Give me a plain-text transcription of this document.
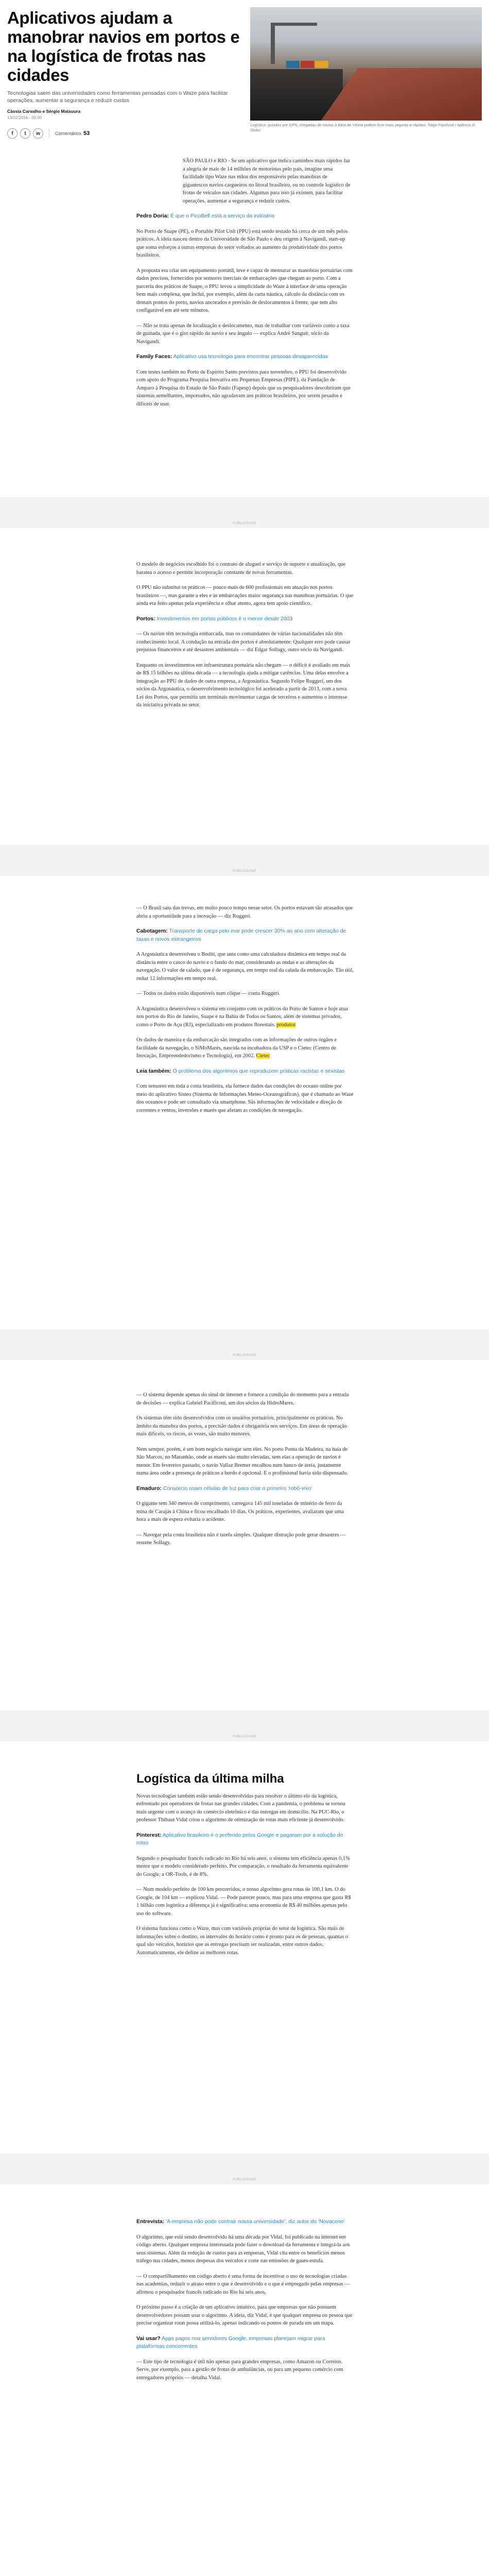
Aplicativos ajudam a manobrar navios em portos e na logística de frotas nas cidades

Tecnologias saem das universidades como ferramentas pensadas com o Waze para facilitar operações, aumentar a segurança e reduzir custos

Cássia Carvalho e Sérgio Matsuura

13/02/2016 - 05:00

f	t	w	Comentários 53

Logística: guiados por GPS, chegadas de navios à Baía de Vitória podem ficar mais seguras e rápidas. Tiago Paschoal / Agência O Globo

SÃO PAULO e RIO - Se um aplicativo que indica caminhos mais rápidos faz a alegria de mais de 14 milhões de motoristas pelo país, imagine uma facilidade tipo Waze nas mãos dos responsáveis pelas manobras de gigantescos navios cargueiros no litoral brasileiro, ou no controle logístico de frotas de veículos nas cidades. Algumas para isso já existem, para facilitar operações, aumentar a segurança e reduzir custos.

Pedro Doria: É que o PicoBell está a serviço da indústria

No Porto de Suape (PE), o Portable Pilot Unit (PPU) está sendo testado há cerca de um mês pelos práticos. A ideia nasceu dentro da Universidade de São Paulo e deu origem à Navigandi, start-up que soma esforços a outras empresas do setor voltados ao aumento da produtividade dos portos brasileiros.

A proposta era criar um equipamento portátil, leve e capaz de mensurar as manobras portuárias com dados precisos, fornecidos por sensores inerciais de embarcações que chegam ao porto. Com a parceria dos práticos de Suape, o PPU levou a simplicidade do Waze à interface de uma operação bem mais complexa, que inclui, por exemplo, além da carta náutica, cálculo da distância com os demais pontos do porto, navios ancorados e previsão de deslocamentos à frente, que tem alto configurável em até sete minutos.

— Não se trata apenas de localização e deslocamento, mas de trabalhar com variáveis como a taxa de guinada, que é o giro rápido do navio e seu ângulo — explica André Sanguir, sócio da Navigandi.

Family Faces: Aplicativo usa tecnologia para encontrar pessoas desaparecidas

Com testes também no Porto de Espírito Santo previstos para novembro, o PPU foi desenvolvido com apoio do Programa Pesquisa Inovativa em Pequenas Empresas (PIPE), da Fundação de Amparo à Pesquisa do Estado de São Paulo (Fapesp) depois que os pesquisadores descobriram que sistemas semelhantes, importados, não agradavam aos práticos brasileiros, por serem pesados e difíceis de usar.

PUBLICIDADE

O modelo de negócios escolhido foi o contrato de aluguel e serviço de suporte e atualização, que baratea o acesso e permite incorporação constante de novas ferramentas.

O PPU não substitui os práticos — pouco mais de 600 profissionais em atuação nos portos brasileiros —, mas garante a eles e às embarcações maior segurança nas manobras portuárias. O que ainda era feito apenas pela experiência e olhar atento, agora tem apoio científico.

Portos: Investimentos em portos públicos é o menor desde 2003

— Os navios têm tecnologia embarcada, mas os comandantes de várias nacionalidades não têm conhecimento local. A condução na entrada dos portos é absolutamente. Qualquer erro pode causar prejuízos financeiros e até desastres ambientais — diz Edgar Sollagy, outro sócio da Navigandi.

Enquanto os investimentos em infraestrutura portuária não chegam — o déficit é avaliado em mais de R$ 15 bilhões na última década — a tecnologia ajuda a mitigar carências. Uma delas envolve a integração ao PPU de dados de outra empresa, a Argonáutica. Segundo Felipe Ruggeri, um dos sócios da Argonáutica, o desenvolvimento tecnológico foi acelerado a partir de 2013, com a nova Lei dos Portos, que permitiu um terminais movimentar cargas de terceiros e aumentou o interesse da iniciativa privada no setor.

PUBLICIDADE

— O Brasil saiu das trevas, em muito pouco tempo nesse setor. Os portos estavam tão atrasados que abriu a oportunidade para a inovação — diz Ruggeri.

Cabotagem: Transporte de carga pelo mar pode crescer 30% ao ano com alteração de taxas e novos estrangeiros

A Argonáutica desenvolveu o Boditi, que anta como uma calculadora dinâmica em tempo real da distância entre o casco do navio e o fundo do mar, considerando as ondas e as alterações da navegação. O valor de calado, que é de segurança, em tempo real da calada da embarcação. Tão útil, reduz 12 informações em tempo real.

— Todos os dados estão disponíveis num clique — conta Ruggeri.

A Argonáutica desenvolveu o sistema em conjunto com os práticos do Porto de Santos e hoje atua nos portos do Rio de Janeiro, Suape e na Bahia de Todos os Santos, além de sistemas privados, como o Porto de Açu (RJ), especializado em produtos florestais. produtos

Os dados de maneira e da embarcação são integrados com as informações de outros órgãos e facilidade da navegação, o SiMoMarés, nascida na incubadora da USP e o Cietec (Centro de Inovação, Empreendedorismo e Tecnologia), em 2002. Cietec

Leia também: O problema dos algoritmos que reproduzem práticas racistas e sexistas

Com sensores em toda a costa brasileira, ela fornece dados das condições do oceano online por meio do aplicativo Sisteo (Sistema de Informações Meteo-Oceanográficas), que é chamado ao Waze dos oceanos e pode ser consultado via smartphone. Sãs informações de velocidade e direção de correntes e ventos, inversões e marés que afetam as condições de navegação.

PUBLICIDADE

— O sistema depende apenas do sinal de internet e fornece a condição do momento para a entrada de decisões — explica Gabriel Pacificoni, um dos sócios da HidroMares.

Os sistemas têm sido desenvolvidos com os usuários portuários, principalmente os práticos. No âmbito da manobra dos portos, a precisão dados é obrigatória nos serviços. Em áreas de operação mais difíceis, os riscos, as vezes, são muito menores.

Nem sempre, porém, é um bom negócio navegar sem eles. No porto Ponta da Madeira, na baía de São Marcos, no Maranhão, onde as marés são muito elevadas, sem elas a operação de navios é menor. Em fevereiro passado, o navio Vallaz Bremer encalhou num banco de areia, justamente numa área onde a presença de práticos a bordo é opcional. E o profissional havia sido dispensado.

Emaduro: Consórcio usam células de luz para criar o primeiro 'robô-vivo'

O gigante tem 340 metros de comprimento, carregava 145 mil toneladas de minério de ferro da mina de Carajás à China e ficou encalhado 10 dias. Os práticos, experientes, avaliaram que uma hora a mais de espera evitaria o acidente.

— Navegar pela costa brasileira não é tarefa simples. Qualquer distração pode gerar desastres — resume Sollagy.

PUBLICIDADE
Logística da última milha

Novas tecnologias também estão sendo desenvolvidas para resolver o último elo da logística, enfrentado por operadores de frotas nas grandes cidades. Com a pandemia, o problema se tornou mais urgente com o avanço do comércio eletrônico e das entregas em domicílio. Na PUC-Rio, o professor Thibaut Vidal criou o algoritmo de otimização de rotas mais eficiente já desenvolvido.

Pinterest: Aplicativo brasileiro é o preferido pelos Google e pagaram por a solução de rotas

Segundo o pesquisador francês radicado no Rio há seis anos, o sistema tem eficiência apenas 0,1% menor que o modelo considerado perfeito. Por comparação, o resultado da ferramenta equivalente do Google, a OR-Tools, é de 8%.

— Num modelo perfeito de 100 km percorridos, o nosso algoritmo gera rotas de 100,1 km. O do Google, de 104 km — explicou Vidal. — Pode parecer pouco, mas para uma empresa que gasta R$ 1 bilhão com logística a diferença já é significativa: uma economia de R$ 40 milhões apenas pelo uso do software.

O sistema funciona como o Waze, mas com variáveis próprias do setor de logística. São mais de informações sobre o destino, os intervalos do horário como é pronto para os de pessoas, quantas o qual são veículos, horários que as entregas precisam ser realizadas, entre outros dados. Automaticamente, ele define as melhores rotas.

PUBLICIDADE

Entrevista: 'A empresa não pode contrair nossa universidade', diz autor do 'Novaceno'

O algoritmo, que está sendo desenvolvido há uma década por Vidal, foi publicado na internet em código aberto. Qualquer empresa interessada pode fazer o download da ferramenta e integrá-la aos seus sistemas. Além da redução de custos para as empresas, Vidal cita entre os benefícios menos tráfego nas cidades, menos despesas dos veículos e corte nas emissões de gases-estufa.

— O compartilhamento em código aberto é uma forma de incentivar o uso de tecnologias criadas nas academias, reduzir o atraso entre o que é desenvolvido e o que é empregado pelas empresas — afirmou o pesquisador francês radicado no Rio há seis anos.

O próximo passo é a criação de um aplicativo intuitivo, para que empresas que não possuem desenvolvedores possam usar o algoritmo. A ideia, diz Vidal, é que qualquer empresa ou pessoa que precise organizar rotas possa utilizá-lo, apenas indicando os pontos de parada em um mapa.

Vai usar? Apps pagos nos servidores Google, empresas planejam migrar para plataformas concorrentes

— Este tipo de tecnologia é útil não apenas para grandes empresas, como Amazon ou Correios. Serve, por exemplo, para a gestão de frotas de ambulâncias, ou para um pequeno comércio com entregadores próprios — detalha Vidal.
